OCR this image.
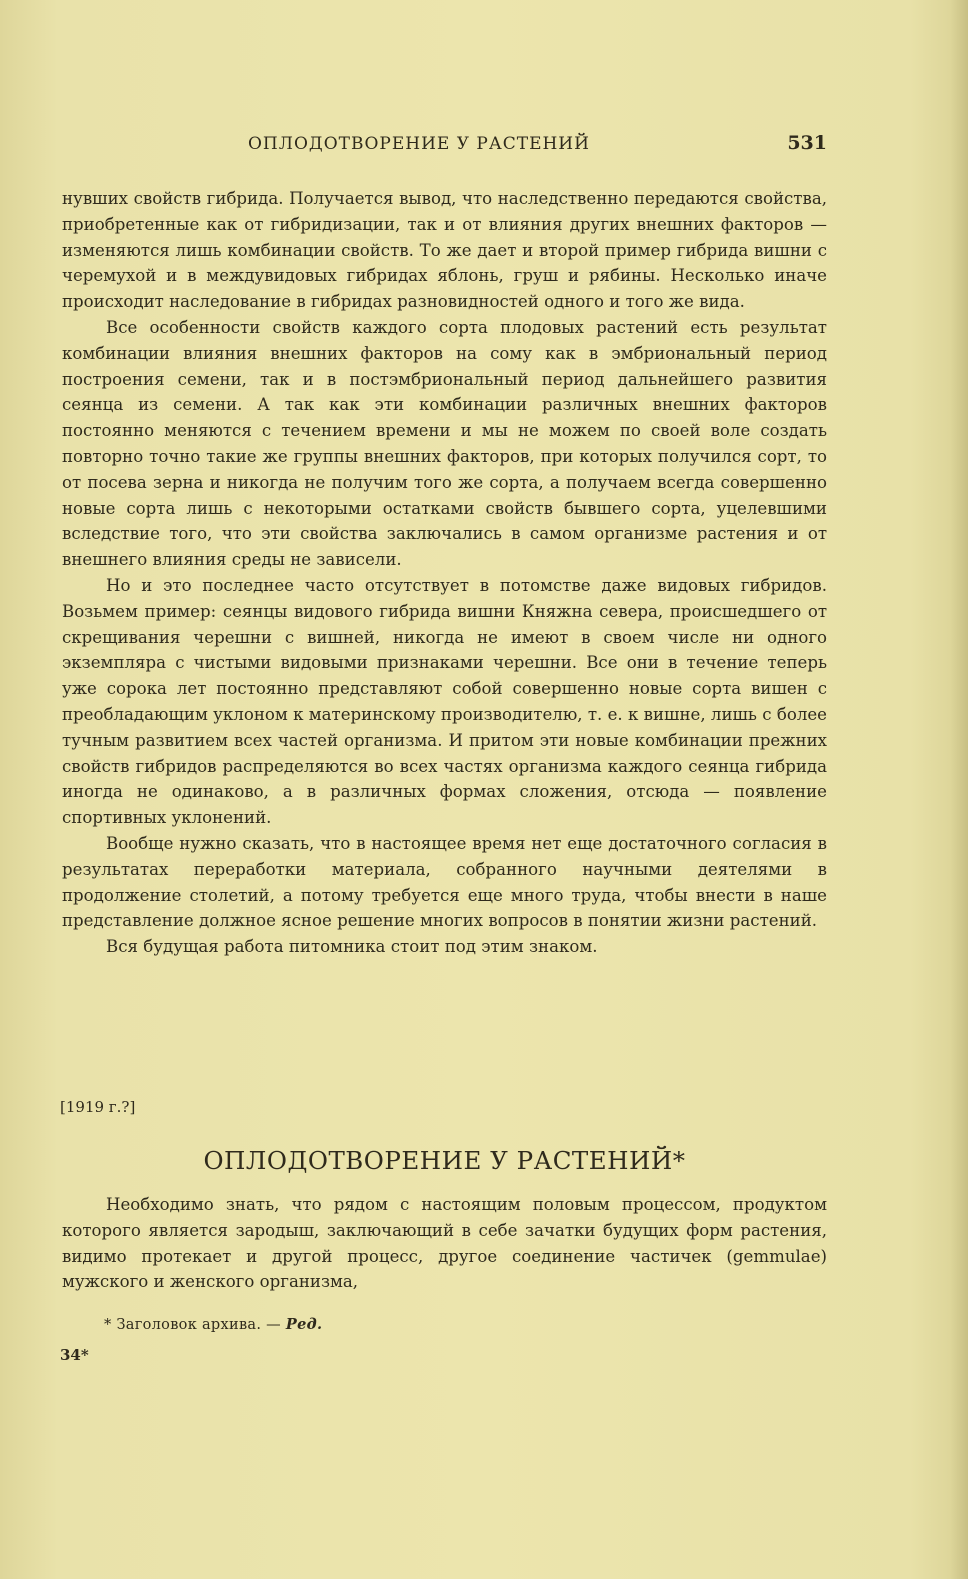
ОПЛОДОТВОРЕНИЕ У РАСТЕНИЙ	531

нувших свойств гибрида. Получается вывод, что наследственно передаются свойства, приобретенные как от гибридизации, так и от влияния других внешних факторов — изменяются лишь комбинации свойств. То же дает и второй пример гибрида вишни с черемухой и в междувидовых гибридах яблонь, груш и рябины. Несколько иначе происходит наследование в гибридах разновидностей одного и того же вида.

Все особенности свойств каждого сорта плодовых растений есть результат комбинации влияния внешних факторов на сому как в эмбриональный период построения семени, так и в постэмбриональный период дальнейшего развития сеянца из семени. А так как эти комбинации различных внешних факторов постоянно меняются с течением времени и мы не можем по своей воле создать повторно точно такие же группы внешних факторов, при которых получился сорт, то от посева зерна и никогда не получим того же сорта, а получаем всегда совершенно новые сорта лишь с некоторыми остатками свойств бывшего сорта, уцелевшими вследствие того, что эти свойства заключались в самом организме растения и от внешнего влияния среды не зависели.

Но и это последнее часто отсутствует в потомстве даже видовых гибридов. Возьмем пример: сеянцы видового гибрида вишни Княжна севера, происшедшего от скрещивания черешни с вишней, никогда не имеют в своем числе ни одного экземпляра с чистыми видовыми признаками черешни. Все они в течение теперь уже сорока лет постоянно представляют собой совершенно новые сорта вишен с преобладающим уклоном к материнскому производителю, т. е. к вишне, лишь с более тучным развитием всех частей организма. И притом эти новые комбинации прежних свойств гибридов распределяются во всех частях организма каждого сеянца гибрида иногда не одинаково, а в различных формах сложения, отсюда — появление спортивных уклонений.

Вообще нужно сказать, что в настоящее время нет еще достаточного согласия в результатах переработки материала, собранного научными деятелями в продолжение столетий, а потому требуется еще много труда, чтобы внести в наше представление должное ясное решение многих вопросов в понятии жизни растений.

Вся будущая работа питомника стоит под этим знаком.

[1919 г.?]
ОПЛОДОТВОРЕНИЕ У РАСТЕНИЙ*

Необходимо знать, что рядом с настоящим половым процессом, продуктом которого является зародыш, заключающий в себе зачатки будущих форм растения, видимо протекает и другой процесс, другое соединение частичек (gemmulae) мужского и женского организма,

* Заголовок архива. — Ред.
34*
